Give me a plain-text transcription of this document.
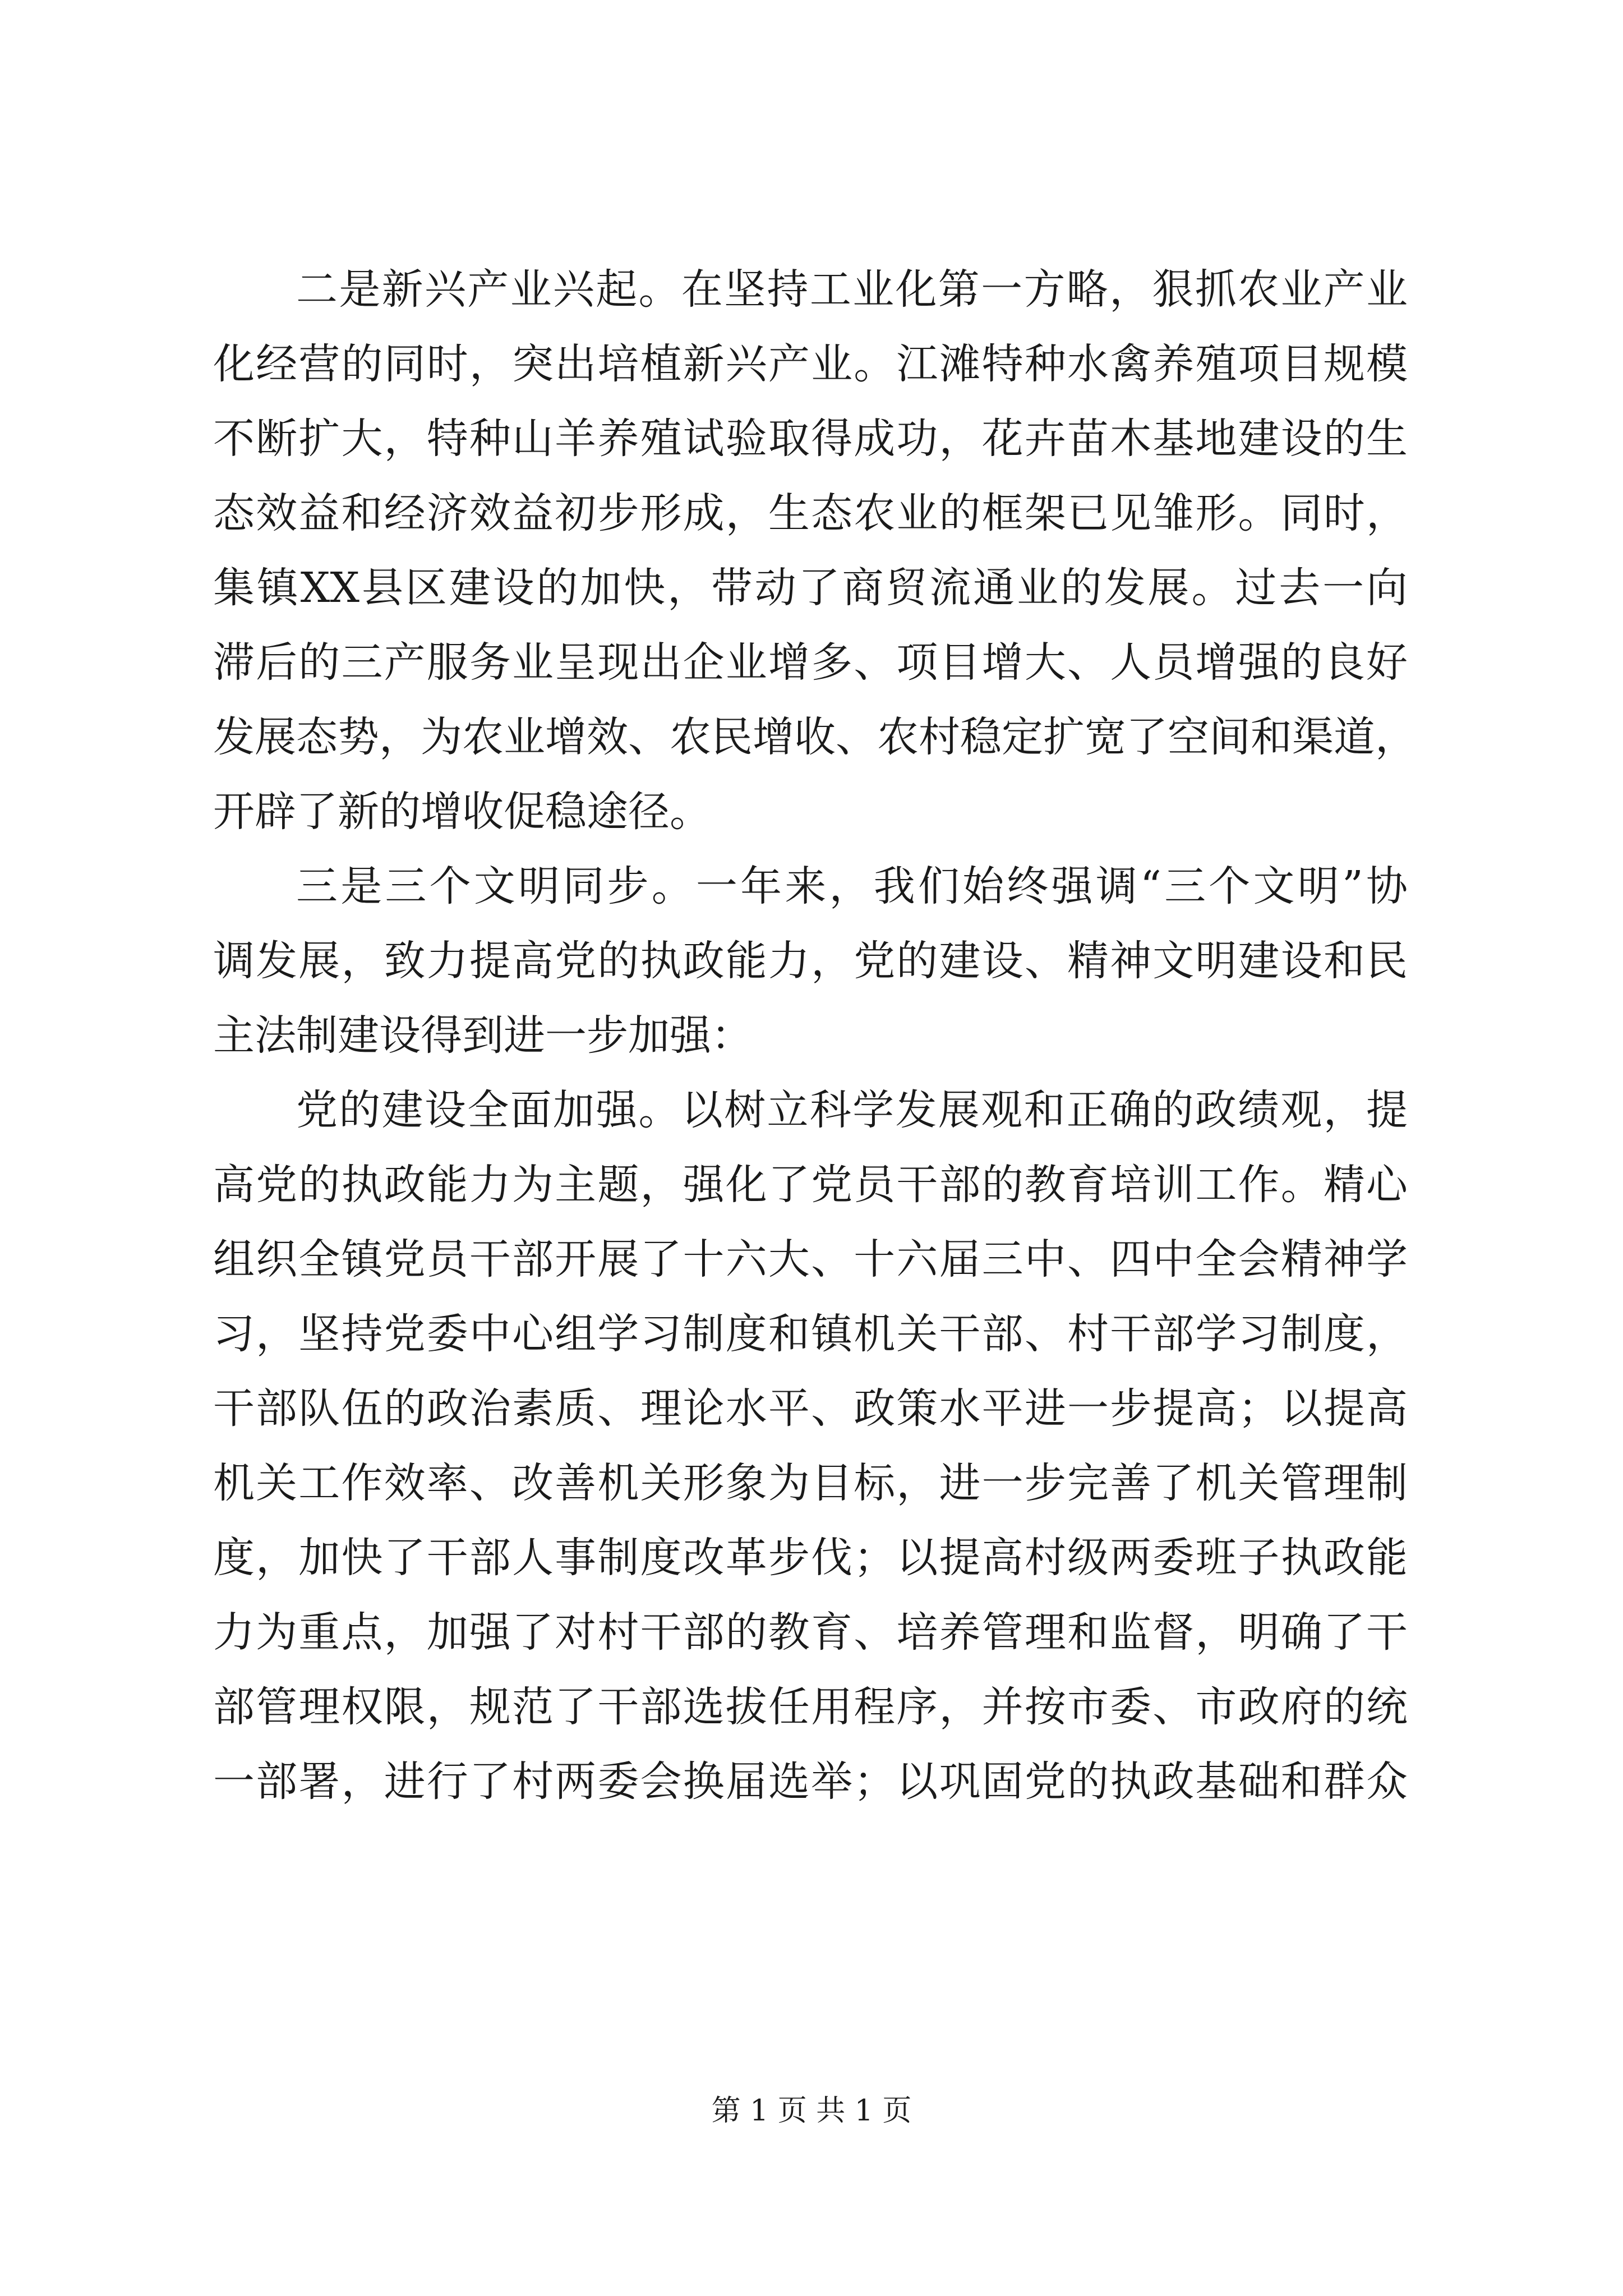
二是新兴产业兴起。在坚持工业化第一方略，狠抓农业产业
化经营的同时，突出培植新兴产业。江滩特种水禽养殖项目规模
不断扩大，特种山羊养殖试验取得成功，花卉苗木基地建设的生
态效益和经济效益初步形成，生态农业的框架已见雏形。同时，
集镇XX县区建设的加快，带动了商贸流通业的发展。过去一向
滞后的三产服务业呈现出企业增多、项目增大、人员增强的良好
发展态势，为农业增效、农民增收、农村稳定扩宽了空间和渠道，
开辟了新的增收促稳途径。
三是三个文明同步。一年来，我们始终强调“三个文明”协
调发展，致力提高党的执政能力，党的建设、精神文明建设和民
主法制建设得到进一步加强：
党的建设全面加强。以树立科学发展观和正确的政绩观，提
高党的执政能力为主题，强化了党员干部的教育培训工作。精心
组织全镇党员干部开展了十六大、十六届三中、四中全会精神学
习，坚持党委中心组学习制度和镇机关干部、村干部学习制度，
干部队伍的政治素质、理论水平、政策水平进一步提高；以提高
机关工作效率、改善机关形象为目标，进一步完善了机关管理制
度，加快了干部人事制度改革步伐；以提高村级两委班子执政能
力为重点，加强了对村干部的教育、培养管理和监督，明确了干
部管理权限，规范了干部选拔任用程序，并按市委、市政府的统
一部署，进行了村两委会换届选举；以巩固党的执政基础和群众
第 1 页 共 1 页
